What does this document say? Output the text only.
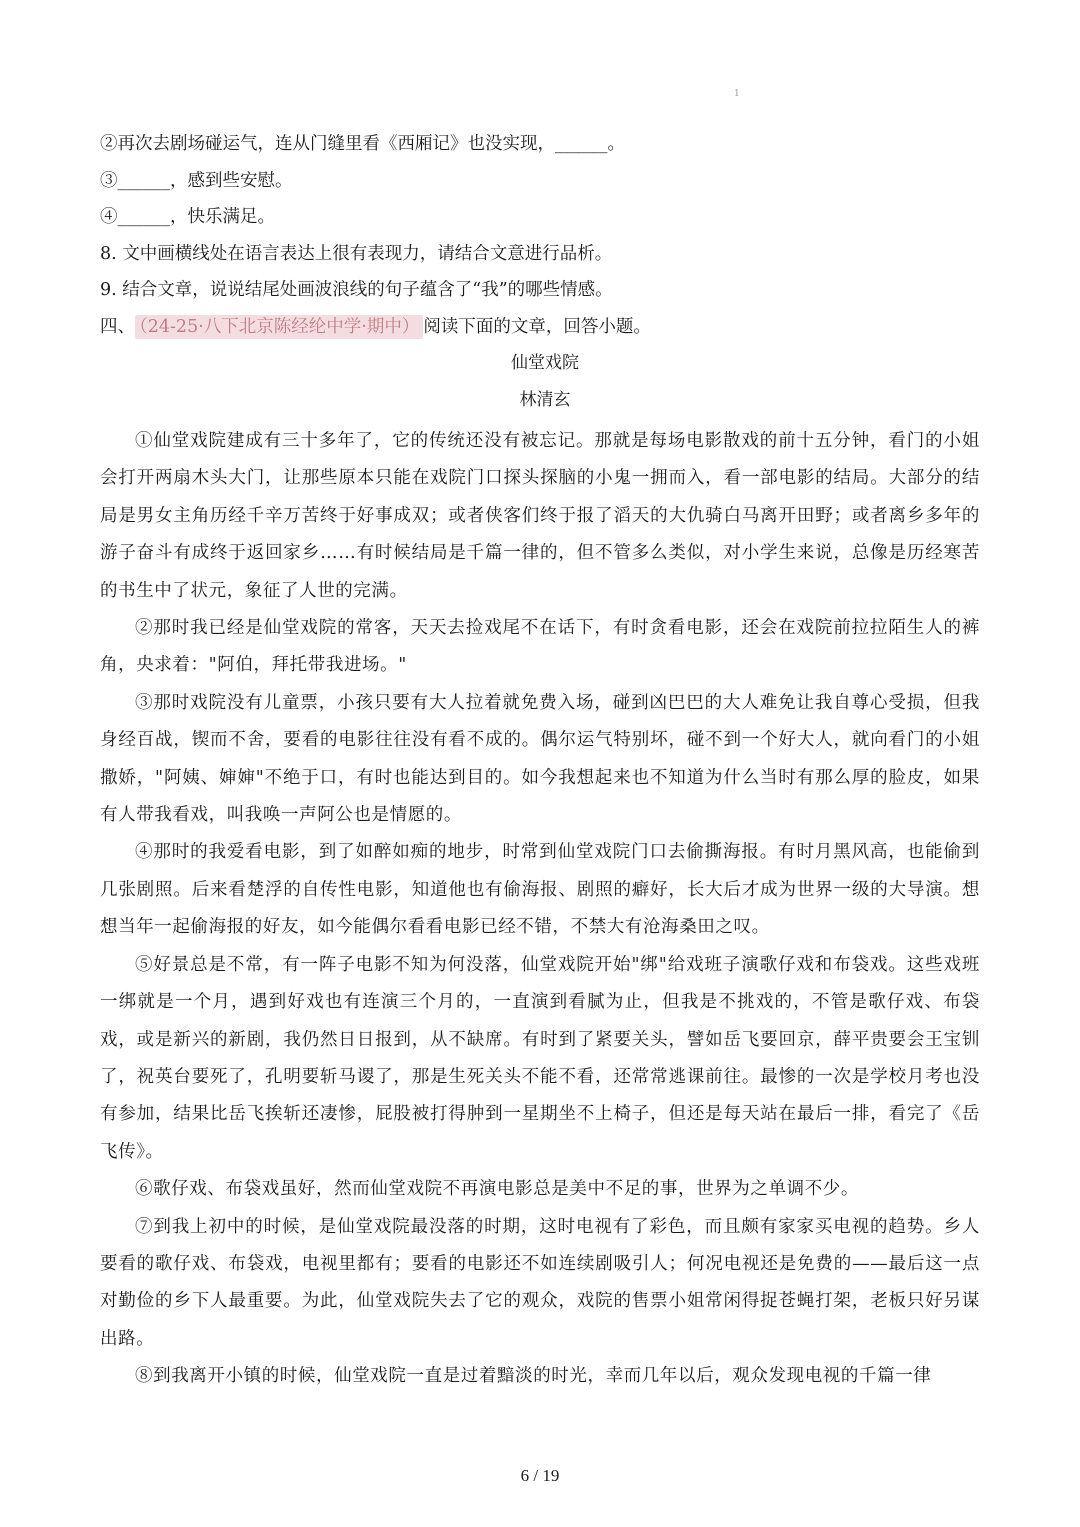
1
②再次去剧场碰运气，连从门缝里看《西厢记》也没实现，______。
③______，感到些安慰。
④______，快乐满足。
8. 文中画横线处在语言表达上很有表现力，请结合文意进行品析。
9. 结合文章，说说结尾处画波浪线的句子蕴含了“我”的哪些情感。
四、 （24-25·八下北京陈经纶中学·期中） 阅读下面的文章，回答小题。
仙堂戏院
林清玄

①仙堂戏院建成有三十多年了，它的传统还没有被忘记。那就是每场电影散戏的前十五分钟，看门的小姐会打开两扇木头大门，让那些原本只能在戏院门口探头探脑的小鬼一拥而入，看一部电影的结局。大部分的结局是男女主角历经千辛万苦终于好事成双；或者侠客们终于报了滔天的大仇骑白马离开田野；或者离乡多年的游子奋斗有成终于返回家乡……有时候结局是千篇一律的，但不管多么类似，对小学生来说，总像是历经寒苦的书生中了状元，象征了人世的完满。

②那时我已经是仙堂戏院的常客，天天去捡戏尾不在话下，有时贪看电影，还会在戏院前拉拉陌生人的裤角，央求着："阿伯，拜托带我进场。"

③那时戏院没有儿童票，小孩只要有大人拉着就免费入场，碰到凶巴巴的大人难免让我自尊心受损，但我身经百战，锲而不舍，要看的电影往往没有看不成的。偶尔运气特别坏，碰不到一个好大人，就向看门的小姐撒娇，"阿姨、婶婶"不绝于口，有时也能达到目的。如今我想起来也不知道为什么当时有那么厚的脸皮，如果有人带我看戏，叫我唤一声阿公也是情愿的。

④那时的我爱看电影，到了如醉如痴的地步，时常到仙堂戏院门口去偷撕海报。有时月黑风高，也能偷到几张剧照。后来看楚浮的自传性电影，知道他也有偷海报、剧照的癖好，长大后才成为世界一级的大导演。想想当年一起偷海报的好友，如今能偶尔看看电影已经不错，不禁大有沧海桑田之叹。

⑤好景总是不常，有一阵子电影不知为何没落，仙堂戏院开始"绑"给戏班子演歌仔戏和布袋戏。这些戏班一绑就是一个月，遇到好戏也有连演三个月的，一直演到看腻为止，但我是不挑戏的，不管是歌仔戏、布袋戏，或是新兴的新剧，我仍然日日报到，从不缺席。有时到了紧要关头，譬如岳飞要回京，薛平贵要会王宝钏了，祝英台要死了，孔明要斩马谡了，那是生死关头不能不看，还常常逃课前往。最惨的一次是学校月考也没有参加，结果比岳飞挨斩还凄惨，屁股被打得肿到一星期坐不上椅子，但还是每天站在最后一排，看完了《岳飞传》。

⑥歌仔戏、布袋戏虽好，然而仙堂戏院不再演电影总是美中不足的事，世界为之单调不少。

⑦到我上初中的时候，是仙堂戏院最没落的时期，这时电视有了彩色，而且颇有家家买电视的趋势。乡人要看的歌仔戏、布袋戏，电视里都有；要看的电影还不如连续剧吸引人；何况电视还是免费的——最后这一点对勤俭的乡下人最重要。为此，仙堂戏院失去了它的观众，戏院的售票小姐常闲得捉苍蝇打架，老板只好另谋出路。

⑧到我离开小镇的时候，仙堂戏院一直是过着黯淡的时光，幸而几年以后，观众发现电视的千篇一律

6 / 19
